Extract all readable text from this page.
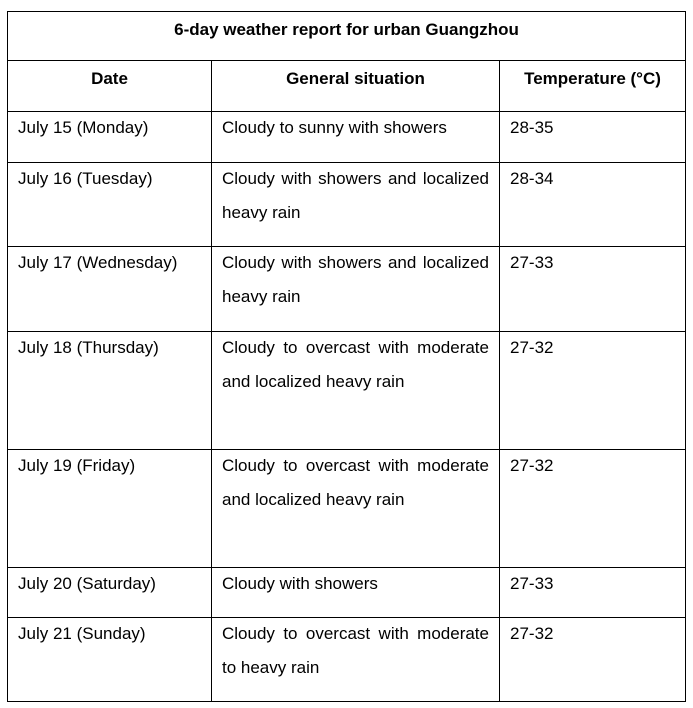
6-day weather report for urban Guangzhou		
Date	General situation	Temperature (°C)

July 15 (Monday)	Cloudy to sunny with showers	28-35

July 16 (Tuesday)	Cloudy with showers and localized heavy rain	28-34

July 17 (Wednesday)	Cloudy with showers and localized heavy rain	27-33

July 18 (Thursday)	Cloudy to overcast with moderate and localized heavy rain	27-32

July 19 (Friday)	Cloudy to overcast with moderate and localized heavy rain	27-32

July 20 (Saturday)	Cloudy with showers	27-33

July 21 (Sunday)	Cloudy to overcast with moderate to heavy rain	27-32
